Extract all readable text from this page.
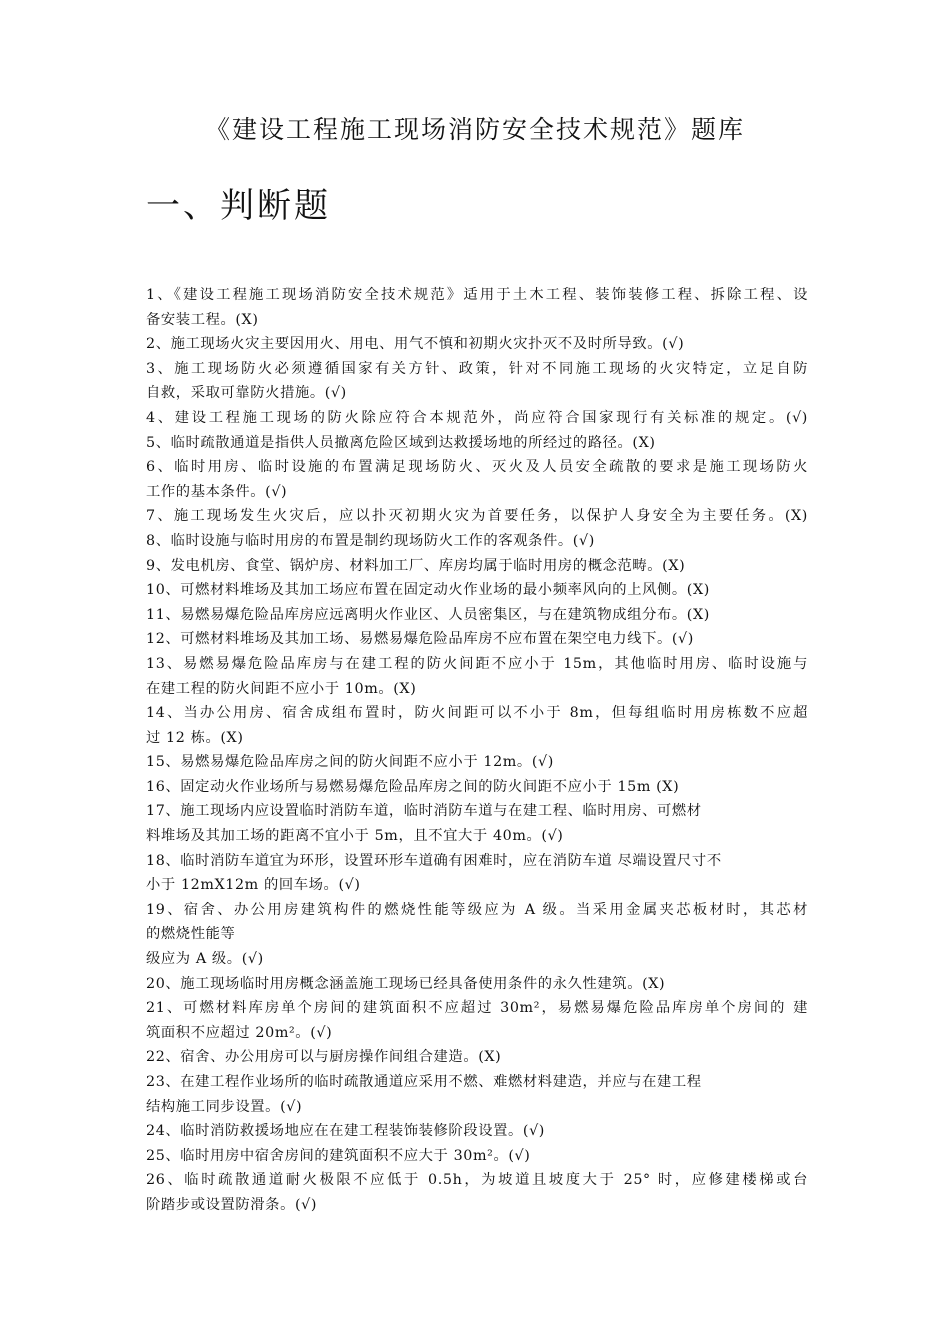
《建设工程施工现场消防安全技术规范》题库
一、判断题
1、《建设工程施工现场消防安全技术规范》适用于土木工程、装饰装修工程、拆除工程、设
备安装工程。(X)
2、施工现场火灾主要因用火、用电、用气不慎和初期火灾扑灭不及时所导致。(√)
3、施工现场防火必须遵循国家有关方针、政策，针对不同施工现场的火灾特定，立足自防
自救，采取可靠防火措施。(√)
4、建设工程施工现场的防火除应符合本规范外，尚应符合国家现行有关标准的规定。(√)
5、临时疏散通道是指供人员撤离危险区域到达救援场地的所经过的路径。(X)
6、临时用房、临时设施的布置满足现场防火、灭火及人员安全疏散的要求是施工现场防火
工作的基本条件。(√)
7、施工现场发生火灾后，应以扑灭初期火灾为首要任务，以保护人身安全为主要任务。(X)
8、临时设施与临时用房的布置是制约现场防火工作的客观条件。(√)
9、发电机房、食堂、锅炉房、材料加工厂、库房均属于临时用房的概念范畴。(X)
10、可燃材料堆场及其加工场应布置在固定动火作业场的最小频率风向的上风侧。(X)
11、易燃易爆危险品库房应远离明火作业区、人员密集区，与在建筑物成组分布。(X)
12、可燃材料堆场及其加工场、易燃易爆危险品库房不应布置在架空电力线下。(√)
13、易燃易爆危险品库房与在建工程的防火间距不应小于 15m，其他临时用房、临时设施与
在建工程的防火间距不应小于 10m。(X)
14、当办公用房、宿舍成组布置时，防火间距可以不小于 8m，但每组临时用房栋数不应超
过 12 栋。(X)
15、易燃易爆危险品库房之间的防火间距不应小于 12m。(√)
16、固定动火作业场所与易燃易爆危险品库房之间的防火间距不应小于 15m (X)
17、施工现场内应设置临时消防车道，临时消防车道与在建工程、临时用房、可燃材
料堆场及其加工场的距离不宜小于 5m，且不宜大于 40m。(√)
18、临时消防车道宜为环形，设置环形车道确有困难时，应在消防车道 尽端设置尺寸不
小于 12mX12m 的回车场。(√)
19、宿舍、办公用房建筑构件的燃烧性能等级应为 A 级。当采用金属夹芯板材时，其芯材
的燃烧性能等
级应为 A 级。(√)
20、施工现场临时用房概念涵盖施工现场已经具备使用条件的永久性建筑。(X)
21、可燃材料库房单个房间的建筑面积不应超过 30m²，易燃易爆危险品库房单个房间的 建
筑面积不应超过 20m²。(√)
22、宿舍、办公用房可以与厨房操作间组合建造。(X)
23、在建工程作业场所的临时疏散通道应采用不燃、难燃材料建造，并应与在建工程
结构施工同步设置。(√)
24、临时消防救援场地应在在建工程装饰装修阶段设置。(√)
25、临时用房中宿舍房间的建筑面积不应大于 30m²。(√)
26、临时疏散通道耐火极限不应低于 0.5h，为坡道且坡度大于 25° 时，应修建楼梯或台
阶踏步或设置防滑条。(√)
